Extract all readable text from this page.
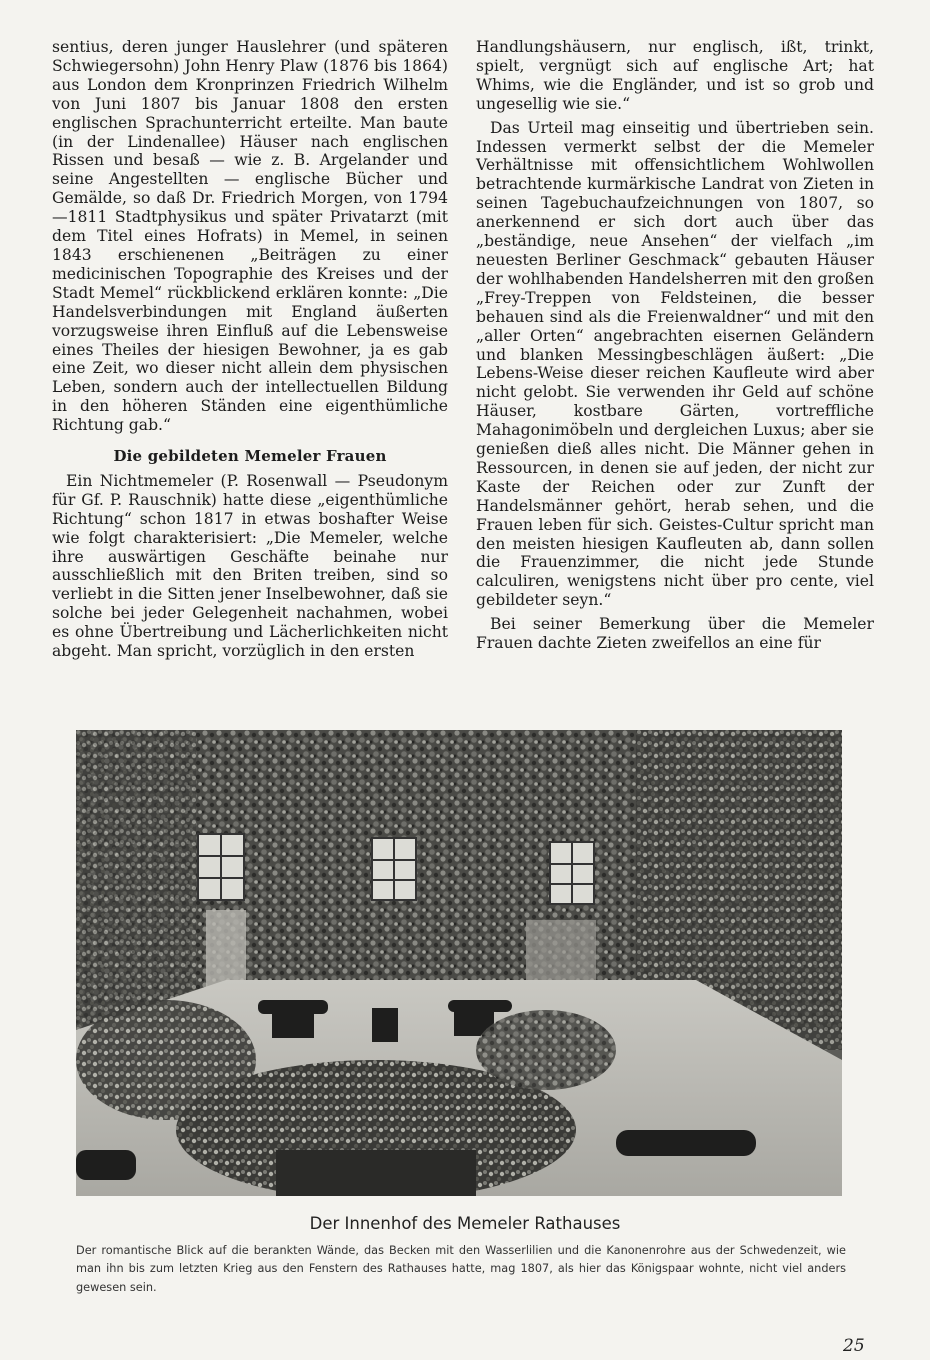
sentius, deren junger Hauslehrer (und späteren Schwiegersohn) John Henry Plaw (1876 bis 1864) aus London dem Kronprinzen Friedrich Wilhelm von Juni 1807 bis Januar 1808 den ersten englischen Sprachunterricht erteilte. Man baute (in der Lindenallee) Häuser nach englischen Rissen und besaß — wie z. B. Argelander und seine Angestellten — englische Bücher und Gemälde, so daß Dr. Friedrich Morgen, von 1794—1811 Stadtphysikus und später Privatarzt (mit dem Titel eines Hofrats) in Memel, in seinen 1843 erschienenen „Beiträgen zu einer medicinischen Topographie des Kreises und der Stadt Memel“ rückblickend erklären konnte: „Die Handelsverbindungen mit England äußerten vorzugsweise ihren Einfluß auf die Lebensweise eines Theiles der hiesigen Bewohner, ja es gab eine Zeit, wo dieser nicht allein dem physischen Leben, sondern auch der intellectuellen Bildung in den höheren Ständen eine eigenthümliche Richtung gab.“

Die gebildeten Memeler Frauen

Ein Nichtmemeler (P. Rosenwall — Pseudonym für Gf. P. Rauschnik) hatte diese „eigenthümliche Richtung“ schon 1817 in etwas boshafter Weise wie folgt charakterisiert: „Die Memeler, welche ihre auswärtigen Geschäfte beinahe nur ausschließlich mit den Briten treiben, sind so verliebt in die Sitten jener Inselbewohner, daß sie solche bei jeder Gelegenheit nachahmen, wobei es ohne Übertreibung und Lächerlichkeiten nicht abgeht. Man spricht, vorzüglich in den ersten

Handlungshäusern, nur englisch, ißt, trinkt, spielt, vergnügt sich auf englische Art; hat Whims, wie die Engländer, und ist so grob und ungesellig wie sie.“

Das Urteil mag einseitig und übertrieben sein. Indessen vermerkt selbst der die Memeler Verhältnisse mit offensichtlichem Wohlwollen betrachtende kurmärkische Landrat von Zieten in seinen Tagebuchaufzeichnungen von 1807, so anerkennend er sich dort auch über das „beständige, neue Ansehen“ der vielfach „im neuesten Berliner Geschmack“ gebauten Häuser der wohlhabenden Handelsherren mit den großen „Frey-Treppen von Feldsteinen, die besser behauen sind als die Freienwaldner“ und mit den „aller Orten“ angebrachten eisernen Geländern und blanken Messingbeschlägen äußert: „Die Lebens-Weise dieser reichen Kaufleute wird aber nicht gelobt. Sie verwenden ihr Geld auf schöne Häuser, kostbare Gärten, vortreffliche Mahagonimöbeln und dergleichen Luxus; aber sie genießen dieß alles nicht. Die Männer gehen in Ressourcen, in denen sie auf jeden, der nicht zur Kaste der Reichen oder zur Zunft der Handelsmänner gehört, herab sehen, und die Frauen leben für sich. Geistes-Cultur spricht man den meisten hiesigen Kaufleuten ab, dann sollen die Frauenzimmer, die nicht jede Stunde calculiren, wenigstens nicht über pro cente, viel gebildeter seyn.“

Bei seiner Bemerkung über die Memeler Frauen dachte Zieten zweifellos an eine für

Der Innenhof des Memeler Rathauses
Der romantische Blick auf die berankten Wände, das Becken mit den Wasserlilien und die Kanonenrohre aus der Schwedenzeit, wie man ihn bis zum letzten Krieg aus den Fenstern des Rathauses hatte, mag 1807, als hier das Königspaar wohnte, nicht viel anders gewesen sein.
25
